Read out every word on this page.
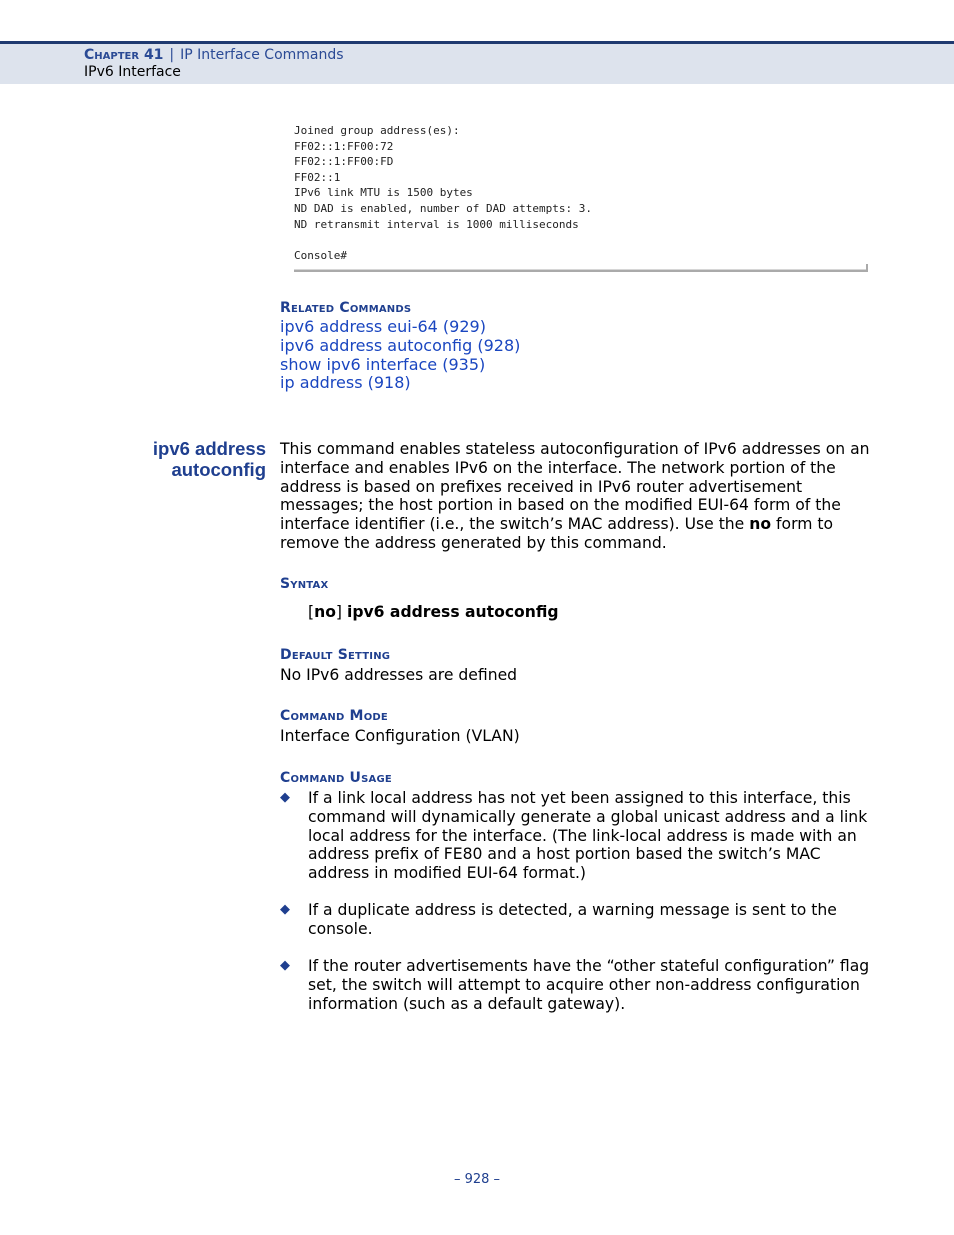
Chapter 41 | IP Interface Commands
IPv6 Interface
Joined group address(es):
FF02::1:FF00:72
FF02::1:FF00:FD
FF02::1
IPv6 link MTU is 1500 bytes
ND DAD is enabled, number of DAD attempts: 3.
ND retransmit interval is 1000 milliseconds

Console#
Related Commands
ipv6 address eui-64 (929)
ipv6 address autoconfig (928)
show ipv6 interface (935)
ip address (918)
ipv6 address
autoconfig
This command enables stateless autoconfiguration of IPv6 addresses on an interface and enables IPv6 on the interface. The network portion of the address is based on prefixes received in IPv6 router advertisement messages; the host portion in based on the modified EUI-64 form of the interface identifier (i.e., the switch’s MAC address). Use the no form to remove the address generated by this command.
Syntax
[no] ipv6 address autoconfig
Default Setting
No IPv6 addresses are defined
Command Mode
Interface Configuration (VLAN)
Command Usage
◆ If a link local address has not yet been assigned to this interface, this command will dynamically generate a global unicast address and a link local address for the interface. (The link-local address is made with an address prefix of FE80 and a host portion based the switch’s MAC address in modified EUI-64 format.)
◆ If a duplicate address is detected, a warning message is sent to the console.
◆ If the router advertisements have the “other stateful configuration” flag set, the switch will attempt to acquire other non-address configuration information (such as a default gateway).
– 928 –
